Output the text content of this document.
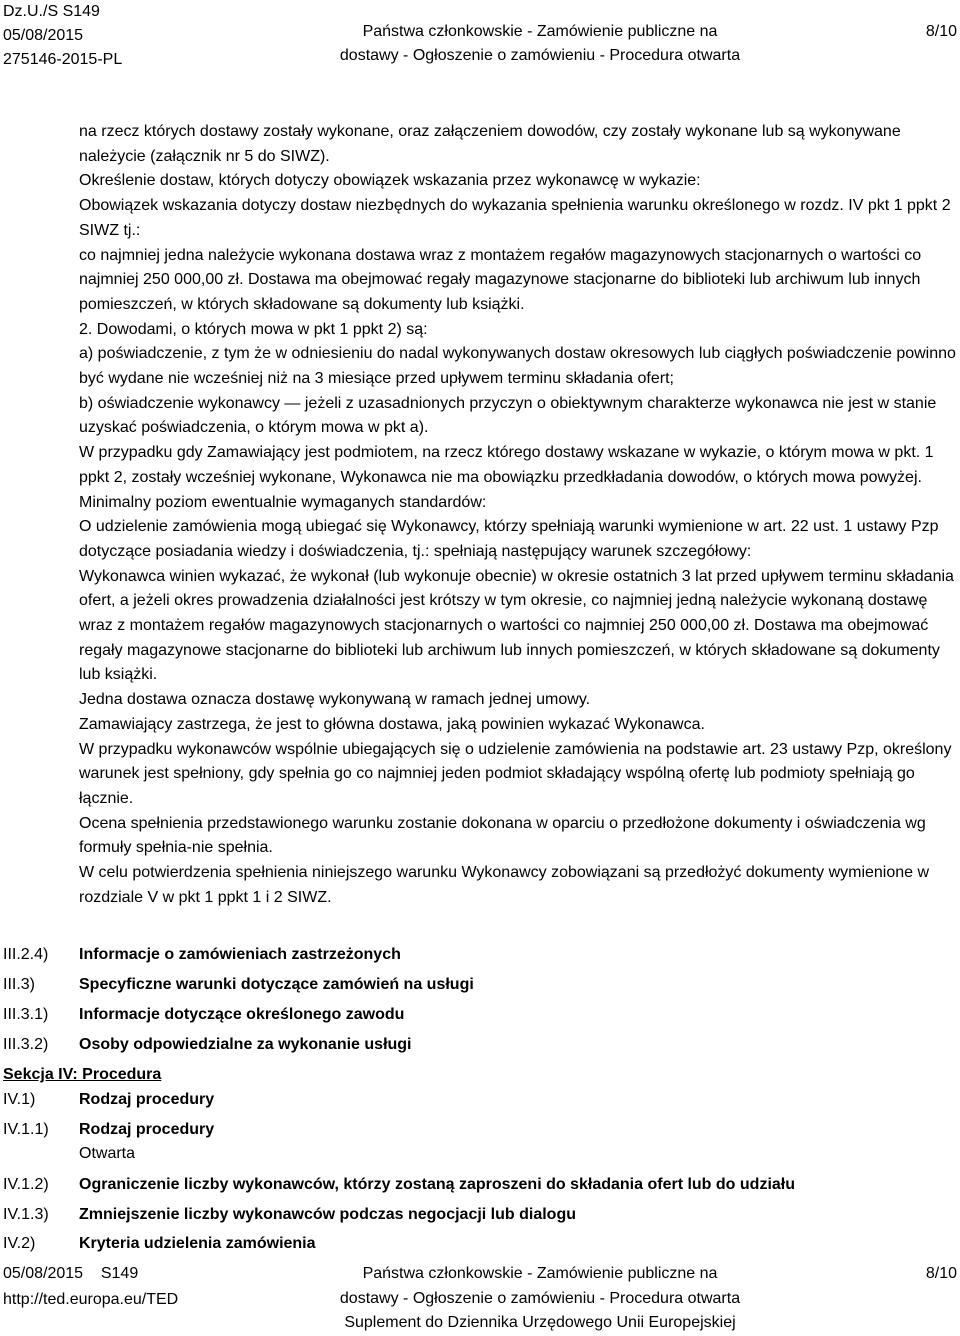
Dz.U./S S149
05/08/2015
275146-2015-PL
Państwa członkowskie - Zamówienie publiczne na
dostawy - Ogłoszenie o zamówieniu - Procedura otwarta
8/10

na rzecz których dostawy zostały wykonane, oraz załączeniem dowodów, czy zostały wykonane lub są wykonywane należycie (załącznik nr 5 do SIWZ).

Określenie dostaw, których dotyczy obowiązek wskazania przez wykonawcę w wykazie:

Obowiązek wskazania dotyczy dostaw niezbędnych do wykazania spełnienia warunku określonego w rozdz. IV pkt 1 ppkt 2 SIWZ tj.:

co najmniej jedna należycie wykonana dostawa wraz z montażem regałów magazynowych stacjonarnych o wartości co najmniej 250 000,00 zł. Dostawa ma obejmować regały magazynowe stacjonarne do biblioteki lub archiwum lub innych pomieszczeń, w których składowane są dokumenty lub książki.

2. Dowodami, o których mowa w pkt 1 ppkt 2) są:

a) poświadczenie, z tym że w odniesieniu do nadal wykonywanych dostaw okresowych lub ciągłych poświadczenie powinno być wydane nie wcześniej niż na 3 miesiące przed upływem terminu składania ofert;

b) oświadczenie wykonawcy — jeżeli z uzasadnionych przyczyn o obiektywnym charakterze wykonawca nie jest w stanie uzyskać poświadczenia, o którym mowa w pkt a).

W przypadku gdy Zamawiający jest podmiotem, na rzecz którego dostawy wskazane w wykazie, o którym mowa w pkt. 1 ppkt 2, zostały wcześniej wykonane, Wykonawca nie ma obowiązku przedkładania dowodów, o których mowa powyżej.

Minimalny poziom ewentualnie wymaganych standardów:

O udzielenie zamówienia mogą ubiegać się Wykonawcy, którzy spełniają warunki wymienione w art. 22 ust. 1 ustawy Pzp dotyczące posiadania wiedzy i doświadczenia, tj.: spełniają następujący warunek szczegółowy:

Wykonawca winien wykazać, że wykonał (lub wykonuje obecnie) w okresie ostatnich 3 lat przed upływem terminu składania ofert, a jeżeli okres prowadzenia działalności jest krótszy w tym okresie, co najmniej jedną należycie wykonaną dostawę wraz z montażem regałów magazynowych stacjonarnych o wartości co najmniej 250 000,00 zł. Dostawa ma obejmować regały magazynowe stacjonarne do biblioteki lub archiwum lub innych pomieszczeń, w których składowane są dokumenty lub książki.

Jedna dostawa oznacza dostawę wykonywaną w ramach jednej umowy.

Zamawiający zastrzega, że jest to główna dostawa, jaką powinien wykazać Wykonawca.

W przypadku wykonawców wspólnie ubiegających się o udzielenie zamówienia na podstawie art. 23 ustawy Pzp, określony warunek jest spełniony, gdy spełnia go co najmniej jeden podmiot składający wspólną ofertę lub podmioty spełniają go łącznie.

Ocena spełnienia przedstawionego warunku zostanie dokonana w oparciu o przedłożone dokumenty i oświadczenia wg formuły spełnia-nie spełnia.

W celu potwierdzenia spełnienia niniejszego warunku Wykonawcy zobowiązani są przedłożyć dokumenty wymienione w rozdziale V w pkt 1 ppkt 1 i 2 SIWZ.

III.2.4) Informacje o zamówieniach zastrzeżonych
III.3)	Specyficzne warunki dotyczące zamówień na usługi
III.3.1) Informacje dotyczące określonego zawodu
III.3.2) Osoby odpowiedzialne za wykonanie usługi
Sekcja IV: Procedura
IV.1)	Rodzaj procedury
IV.1.1) Rodzaj procedury
Otwarta
IV.1.2) Ograniczenie liczby wykonawców, którzy zostaną zaproszeni do składania ofert lub do udziału
IV.1.3) Zmniejszenie liczby wykonawców podczas negocjacji lub dialogu
IV.2)	Kryteria udzielenia zamówienia
05/08/2015 S149
http://ted.europa.eu/TED
Państwa członkowskie - Zamówienie publiczne na
dostawy - Ogłoszenie o zamówieniu - Procedura otwarta
Suplement do Dziennika Urzędowego Unii Europejskiej
8/10
